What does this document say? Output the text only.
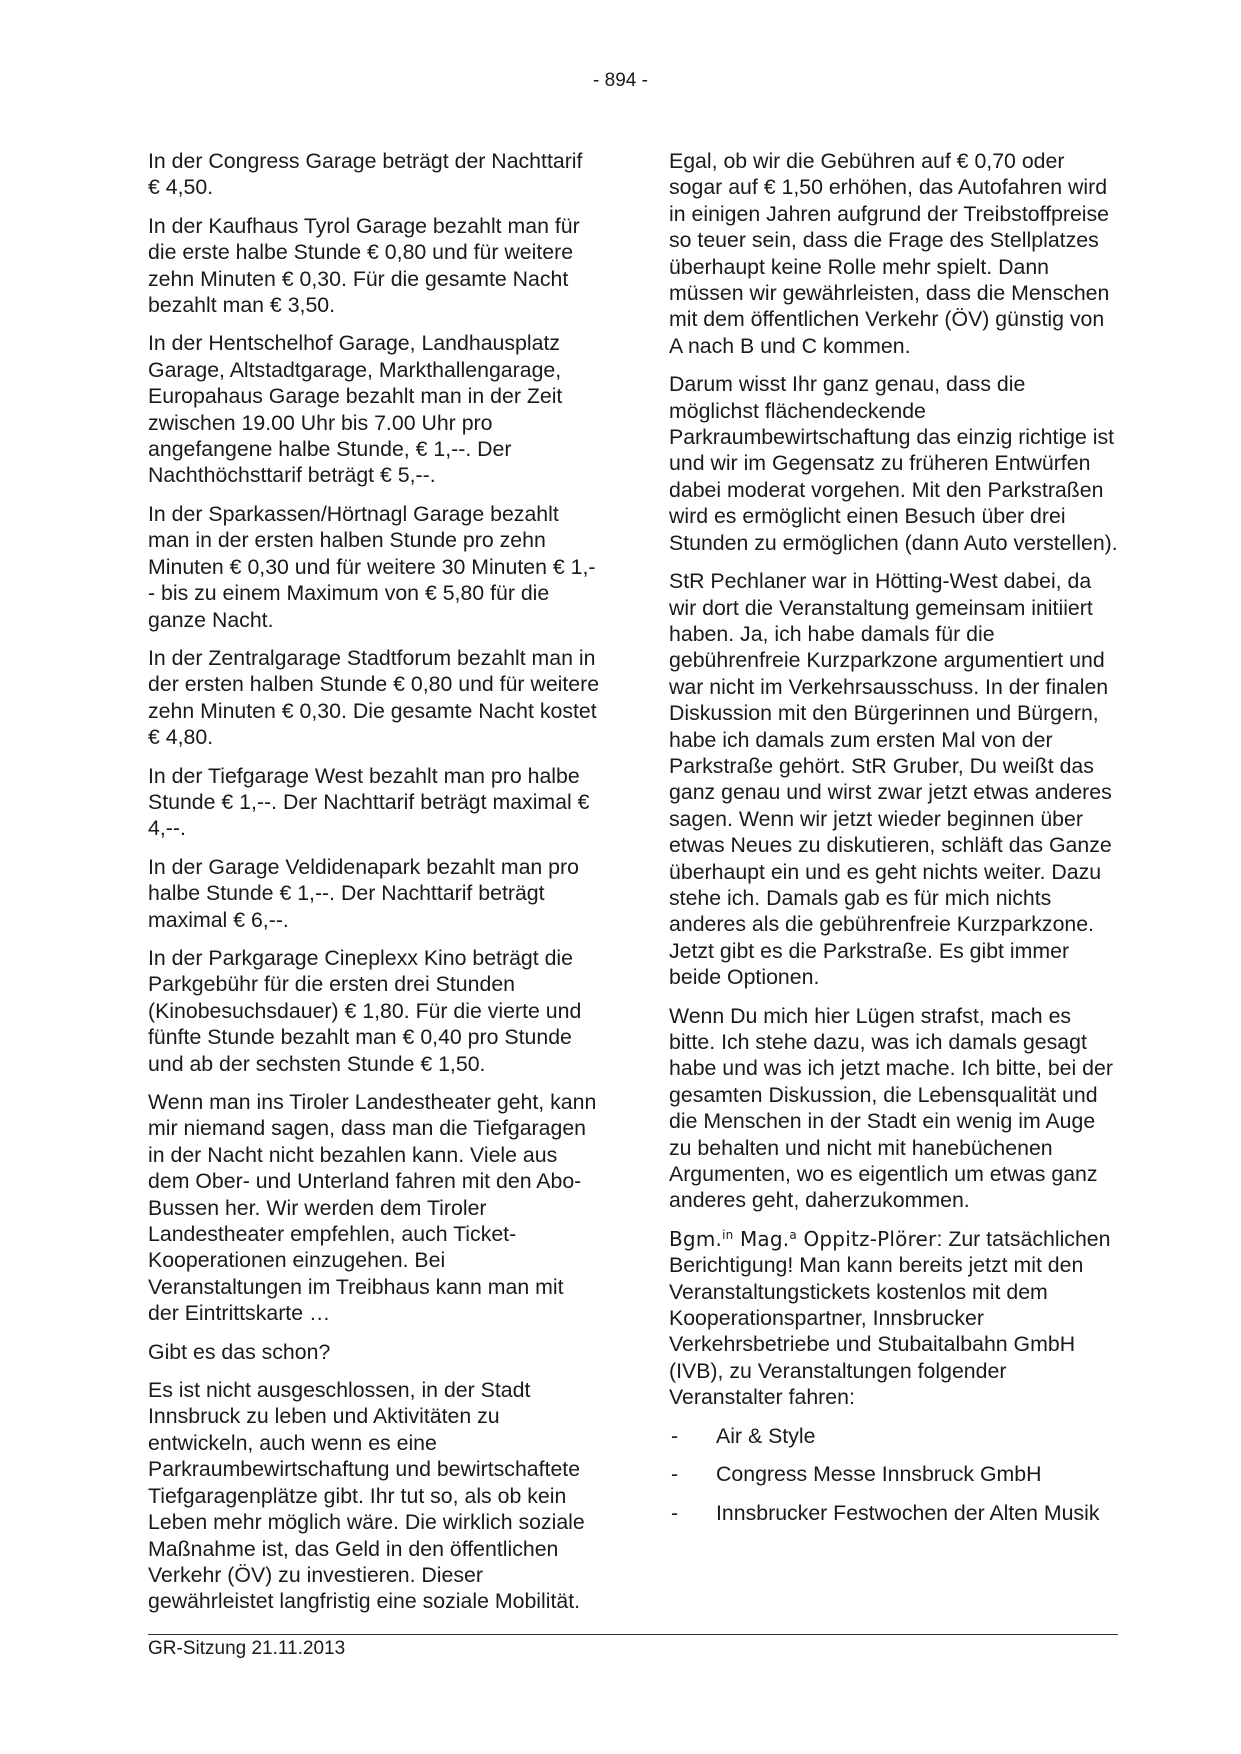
- 894 -

In der Congress Garage beträgt der Nachttarif € 4,50.

In der Kaufhaus Tyrol Garage bezahlt man für die erste halbe Stunde € 0,80 und für weitere zehn Minuten € 0,30. Für die gesamte Nacht bezahlt man € 3,50.

In der Hentschelhof Garage, Landhausplatz Garage, Altstadtgarage, Markthallengarage, Europahaus Garage bezahlt man in der Zeit zwischen 19.00 Uhr bis 7.00 Uhr pro angefangene halbe Stunde, € 1,--. Der Nachthöchsttarif beträgt € 5,--.

In der Sparkassen/Hörtnagl Garage bezahlt man in der ersten halben Stunde pro zehn Minuten € 0,30 und für weitere 30 Minuten € 1,-- bis zu einem Maximum von € 5,80 für die ganze Nacht.

In der Zentralgarage Stadtforum bezahlt man in der ersten halben Stunde € 0,80 und für weitere zehn Minuten € 0,30. Die gesamte Nacht kostet € 4,80.

In der Tiefgarage West bezahlt man pro halbe Stunde € 1,--. Der Nachttarif beträgt maximal € 4,--.

In der Garage Veldidenapark bezahlt man pro halbe Stunde € 1,--. Der Nachttarif beträgt maximal € 6,--.

In der Parkgarage Cineplexx Kino beträgt die Parkgebühr für die ersten drei Stunden (Kinobesuchsdauer) € 1,80. Für die vierte und fünfte Stunde bezahlt man € 0,40 pro Stunde und ab der sechsten Stunde € 1,50.

Wenn man ins Tiroler Landestheater geht, kann mir niemand sagen, dass man die Tiefgaragen in der Nacht nicht bezahlen kann. Viele aus dem Ober- und Unterland fahren mit den Abo-Bussen her. Wir werden dem Tiroler Landestheater empfehlen, auch Ticket-Kooperationen einzugehen. Bei Veranstaltungen im Treibhaus kann man mit der Eintrittskarte …

Gibt es das schon?

Es ist nicht ausgeschlossen, in der Stadt Innsbruck zu leben und Aktivitäten zu entwickeln, auch wenn es eine Parkraumbewirtschaftung und bewirtschaftete Tiefgaragenplätze gibt. Ihr tut so, als ob kein Leben mehr möglich wäre. Die wirklich soziale Maßnahme ist, das Geld in den öffentlichen Verkehr (ÖV) zu investieren. Dieser gewährleistet langfristig eine soziale Mobilität.

Egal, ob wir die Gebühren auf € 0,70 oder sogar auf € 1,50 erhöhen, das Autofahren wird in einigen Jahren aufgrund der Treibstoffpreise so teuer sein, dass die Frage des Stellplatzes überhaupt keine Rolle mehr spielt. Dann müssen wir gewährleisten, dass die Menschen mit dem öffentlichen Verkehr (ÖV) günstig von A nach B und C kommen.

Darum wisst Ihr ganz genau, dass die möglichst flächendeckende Parkraumbewirtschaftung das einzig richtige ist und wir im Gegensatz zu früheren Entwürfen dabei moderat vorgehen. Mit den Parkstraßen wird es ermöglicht einen Besuch über drei Stunden zu ermöglichen (dann Auto verstellen).

StR Pechlaner war in Hötting-West dabei, da wir dort die Veranstaltung gemeinsam initiiert haben. Ja, ich habe damals für die gebührenfreie Kurzparkzone argumentiert und war nicht im Verkehrsausschuss. In der finalen Diskussion mit den Bürgerinnen und Bürgern, habe ich damals zum ersten Mal von der Parkstraße gehört. StR Gruber, Du weißt das ganz genau und wirst zwar jetzt etwas anderes sagen. Wenn wir jetzt wieder beginnen über etwas Neues zu diskutieren, schläft das Ganze überhaupt ein und es geht nichts weiter. Dazu stehe ich. Damals gab es für mich nichts anderes als die gebührenfreie Kurzparkzone. Jetzt gibt es die Parkstraße. Es gibt immer beide Optionen.

Wenn Du mich hier Lügen strafst, mach es bitte. Ich stehe dazu, was ich damals gesagt habe und was ich jetzt mache. Ich bitte, bei der gesamten Diskussion, die Lebensqualität und die Menschen in der Stadt ein wenig im Auge zu behalten und nicht mit hanebüchenen Argumenten, wo es eigentlich um etwas ganz anderes geht, daherzukommen.

Bgm.$^{in}$ Mag.$^a$ Oppitz-Plörer: Zur tatsächlichen Berichtigung! Man kann bereits jetzt mit den Veranstaltungstickets kostenlos mit dem Kooperationspartner, Innsbrucker Verkehrsbetriebe und Stubaitalbahn GmbH (IVB), zu Veranstaltungen folgender Veranstalter fahren:

- Air & Style
- Congress Messe Innsbruck GmbH
- Innsbrucker Festwochen der Alten Musik
GR-Sitzung 21.11.2013
